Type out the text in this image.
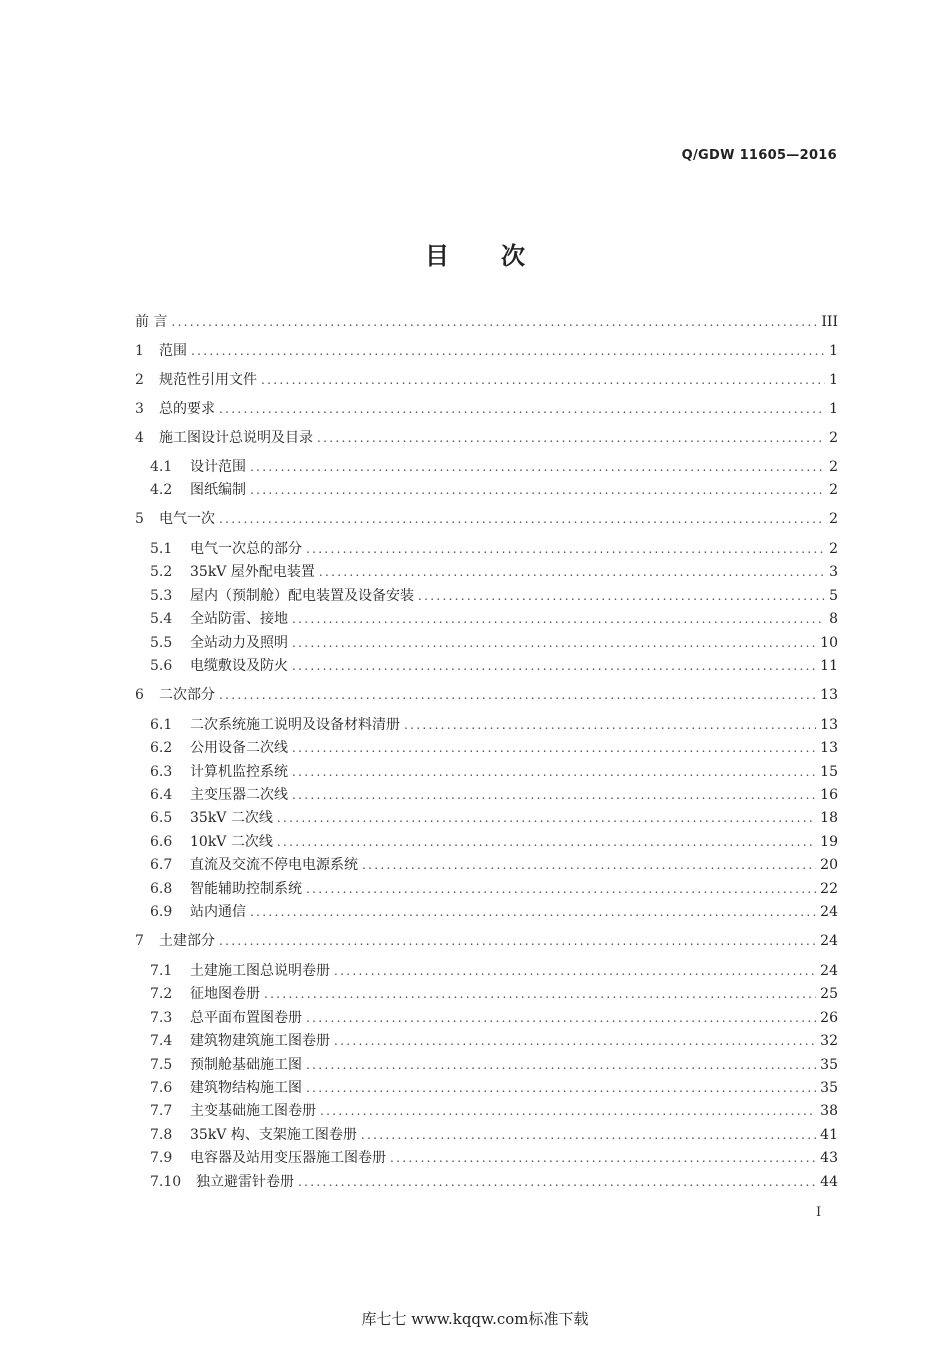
Q/GDW 11605—2016
目 次
前 言 .....	III
1	范围 .....	1
2	规范性引用文件 .....	1
3	总的要求 .....	1
4	施工图设计总说明及目录 .....	2
4.1	设计范围 .....	2
4.2	图纸编制 .....	2
5	电气一次 .....	2
5.1	电气一次总的部分 .....	2
5.2	35kV 屋外配电装置 .....	3
5.3	屋内（预制舱）配电装置及设备安装 .....	5
5.4	全站防雷、接地 .....	8
5.5	全站动力及照明 .....	10
5.6	电缆敷设及防火 .....	11
6	二次部分 .....	13
6.1	二次系统施工说明及设备材料清册 .....	13
6.2	公用设备二次线 .....	13
6.3	计算机监控系统 .....	15
6.4	主变压器二次线 .....	16
6.5	35kV 二次线 .....	18
6.6	10kV 二次线 .....	19
6.7	直流及交流不停电电源系统 .....	20
6.8	智能辅助控制系统 .....	22
6.9	站内通信 .....	24
7	土建部分 .....	24
7.1	土建施工图总说明卷册 .....	24
7.2	征地图卷册 .....	25
7.3	总平面布置图卷册 .....	26
7.4	建筑物建筑施工图卷册 .....	32
7.5	预制舱基础施工图 .....	35
7.6	建筑物结构施工图 .....	35
7.7	主变基础施工图卷册 .....	38
7.8	35kV 构、支架施工图卷册 .....	41
7.9	电容器及站用变压器施工图卷册 .....	43
7.10	独立避雷针卷册 .....	44
I
库七七 www.kqqw.com标准下载
